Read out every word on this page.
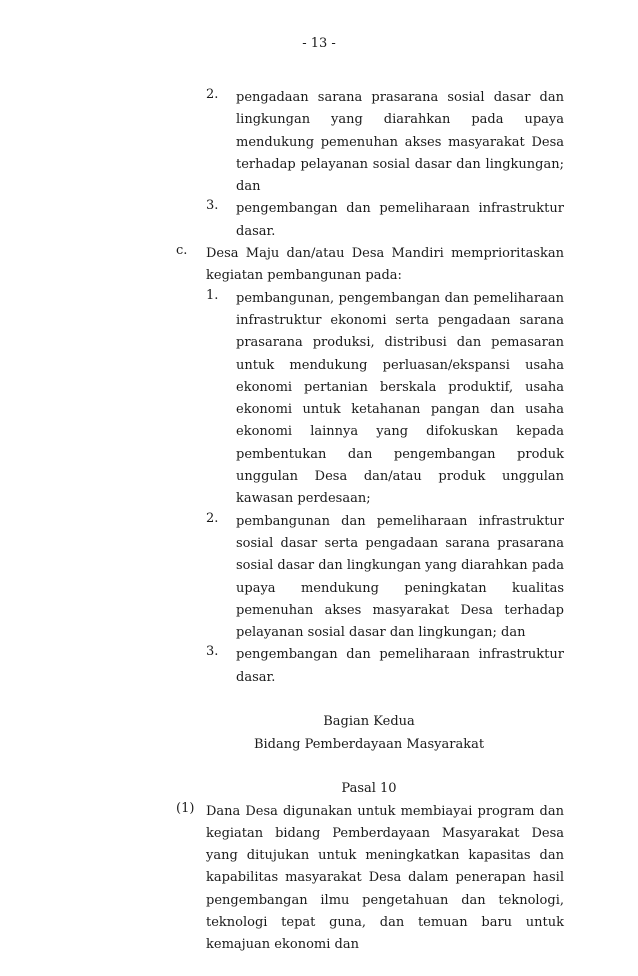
- 13 -
2. pengadaan sarana prasarana sosial dasar dan lingkungan yang diarahkan pada upaya mendukung pemenuhan akses masyarakat Desa terhadap pelayanan sosial dasar dan lingkungan; dan
3. pengembangan dan pemeliharaan infrastruktur dasar.
c. Desa Maju dan/atau Desa Mandiri memprioritaskan kegiatan pembangunan pada:
1. pembangunan, pengembangan dan pemeliharaan infrastruktur ekonomi serta pengadaan sarana prasarana produksi, distribusi dan pemasaran untuk mendukung perluasan/ekspansi usaha ekonomi pertanian berskala produktif, usaha ekonomi untuk ketahanan pangan dan usaha ekonomi lainnya yang difokuskan kepada pembentukan dan pengembangan produk unggulan Desa dan/atau produk unggulan kawasan perdesaan;
2. pembangunan dan pemeliharaan infrastruktur sosial dasar serta pengadaan sarana prasarana sosial dasar dan lingkungan yang diarahkan pada upaya mendukung peningkatan kualitas pemenuhan akses masyarakat Desa terhadap pelayanan sosial dasar dan lingkungan; dan
3. pengembangan dan pemeliharaan infrastruktur dasar.
Bagian Kedua
Bidang Pemberdayaan Masyarakat
Pasal 10
(1) Dana Desa digunakan untuk membiayai program dan kegiatan bidang Pemberdayaan Masyarakat Desa yang ditujukan untuk meningkatkan kapasitas dan kapabilitas masyarakat Desa dalam penerapan hasil pengembangan ilmu pengetahuan dan teknologi, teknologi tepat guna, dan temuan baru untuk kemajuan ekonomi dan
